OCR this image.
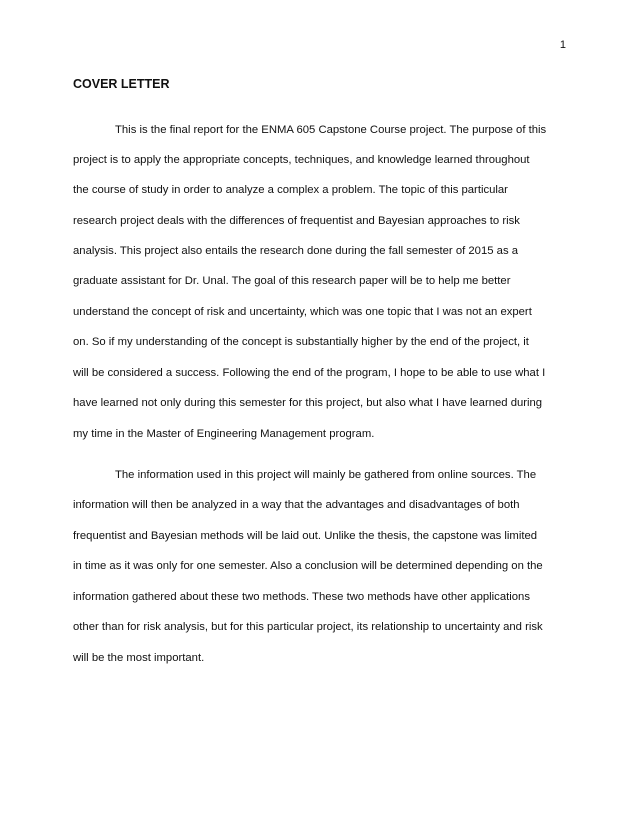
1
COVER LETTER
This is the final report for the ENMA 605 Capstone Course project. The purpose of this
project is to apply the appropriate concepts, techniques, and knowledge learned throughout
the course of study in order to analyze a complex a problem. The topic of this particular
research project deals with the differences of frequentist and Bayesian approaches to risk
analysis. This project also entails the research done during the fall semester of 2015 as a
graduate assistant for Dr. Unal. The goal of this research paper will be to help me better
understand the concept of risk and uncertainty, which was one topic that I was not an expert
on. So if my understanding of the concept is substantially higher by the end of the project, it
will be considered a success. Following the end of the program, I hope to be able to use what I
have learned not only during this semester for this project, but also what I have learned during
my time in the Master of Engineering Management program.
The information used in this project will mainly be gathered from online sources. The
information will then be analyzed in a way that the advantages and disadvantages of both
frequentist and Bayesian methods will be laid out. Unlike the thesis, the capstone was limited
in time as it was only for one semester. Also a conclusion will be determined depending on the
information gathered about these two methods. These two methods have other applications
other than for risk analysis, but for this particular project, its relationship to uncertainty and risk
will be the most important.
